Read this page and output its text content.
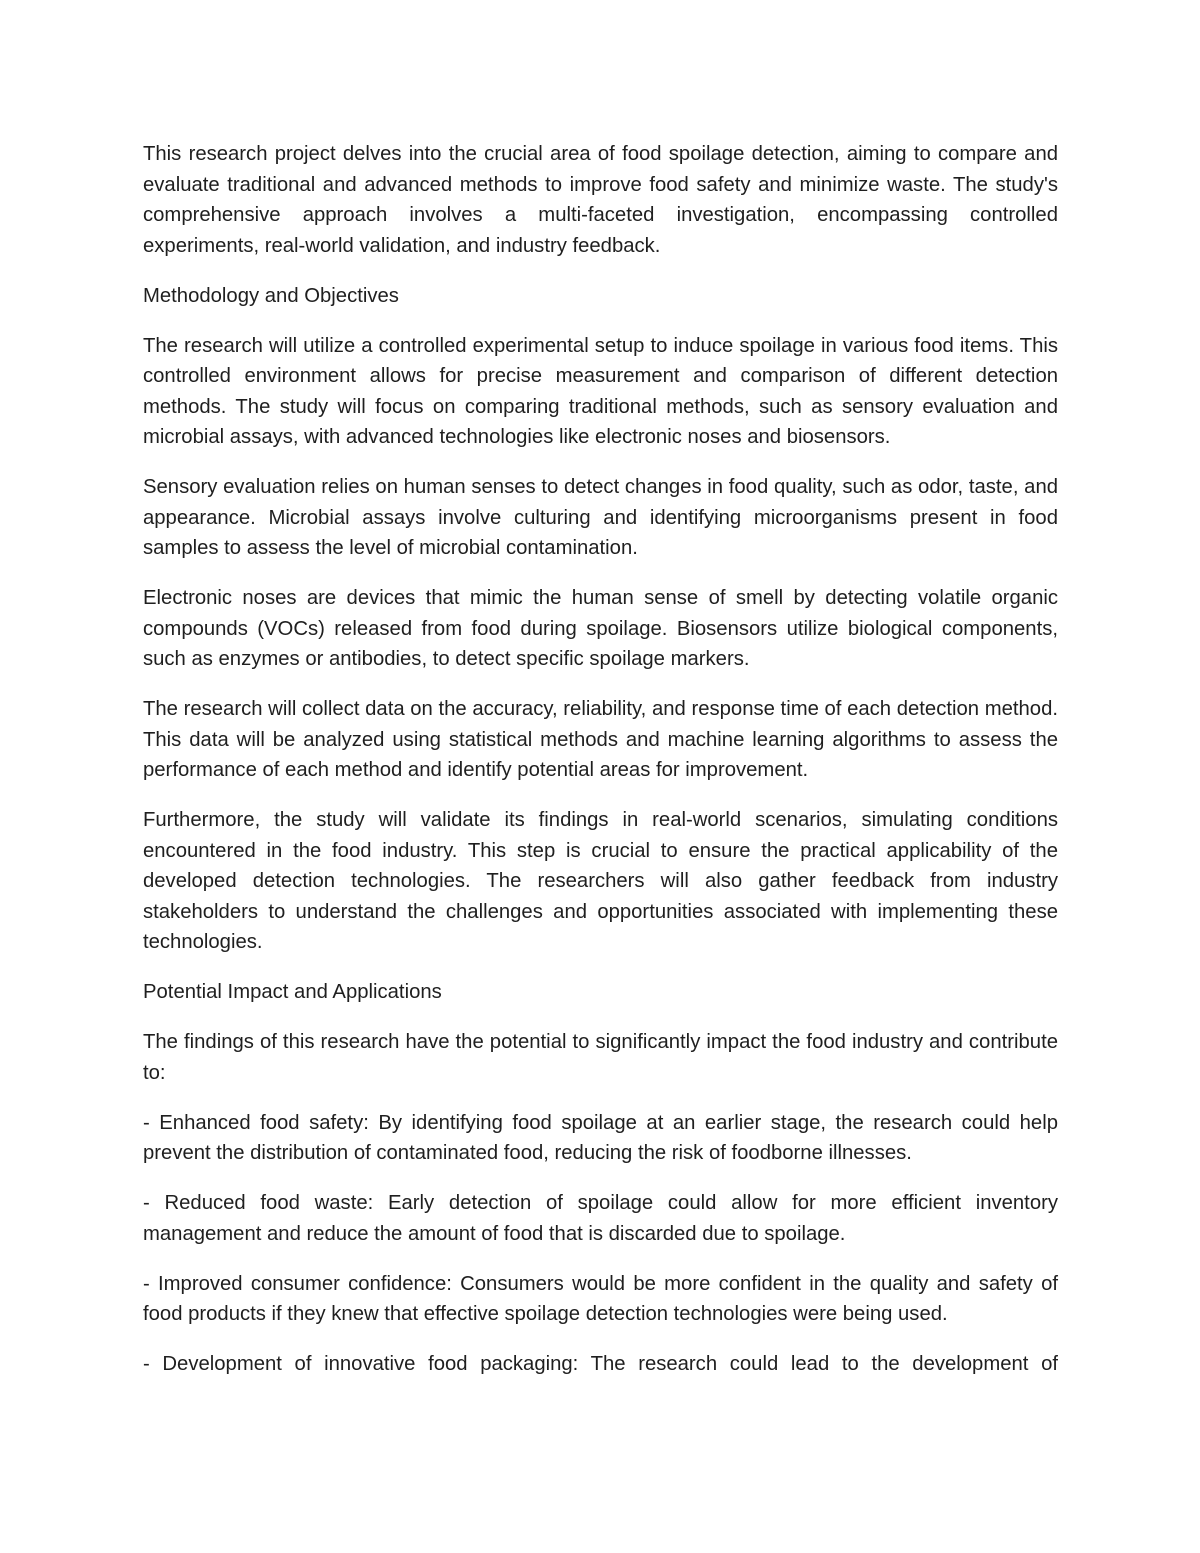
This research project delves into the crucial area of food spoilage detection, aiming to compare and evaluate traditional and advanced methods to improve food safety and minimize waste. The study's comprehensive approach involves a multi-faceted investigation, encompassing controlled experiments, real-world validation, and industry feedback.

Methodology and Objectives

The research will utilize a controlled experimental setup to induce spoilage in various food items. This controlled environment allows for precise measurement and comparison of different detection methods. The study will focus on comparing traditional methods, such as sensory evaluation and microbial assays, with advanced technologies like electronic noses and biosensors.

Sensory evaluation relies on human senses to detect changes in food quality, such as odor, taste, and appearance. Microbial assays involve culturing and identifying microorganisms present in food samples to assess the level of microbial contamination.

Electronic noses are devices that mimic the human sense of smell by detecting volatile organic compounds (VOCs) released from food during spoilage. Biosensors utilize biological components, such as enzymes or antibodies, to detect specific spoilage markers.

The research will collect data on the accuracy, reliability, and response time of each detection method. This data will be analyzed using statistical methods and machine learning algorithms to assess the performance of each method and identify potential areas for improvement.

Furthermore, the study will validate its findings in real-world scenarios, simulating conditions encountered in the food industry. This step is crucial to ensure the practical applicability of the developed detection technologies. The researchers will also gather feedback from industry stakeholders to understand the challenges and opportunities associated with implementing these technologies.

Potential Impact and Applications

The findings of this research have the potential to significantly impact the food industry and contribute to:

- Enhanced food safety: By identifying food spoilage at an earlier stage, the research could help prevent the distribution of contaminated food, reducing the risk of foodborne illnesses.

- Reduced food waste: Early detection of spoilage could allow for more efficient inventory management and reduce the amount of food that is discarded due to spoilage.

- Improved consumer confidence: Consumers would be more confident in the quality and safety of food products if they knew that effective spoilage detection technologies were being used.

- Development of innovative food packaging: The research could lead to the development of
